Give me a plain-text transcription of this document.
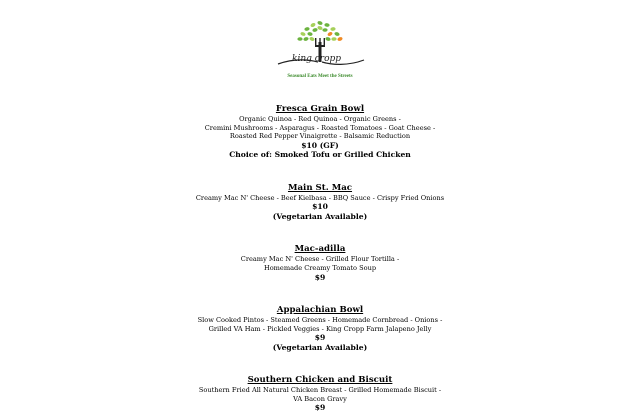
king cropp
Seasonal Eats Meet the Streets
Fresca Grain Bowl
Organic Quinoa - Red Quinoa - Organic Greens -
Cremini Mushrooms - Asparagus - Roasted Tomatoes - Goat Cheese -
Roasted Red Pepper Vinaigrette - Balsamic Reduction
$10 (GF)
Choice of: Smoked Tofu or Grilled Chicken
Main St. Mac
Creamy Mac N' Cheese - Beef Kielbasa - BBQ Sauce - Crispy Fried Onions
$10
(Vegetarian Available)
Mac-adilla
Creamy Mac N' Cheese - Grilled Flour Tortilla -
Homemade Creamy Tomato Soup
$9
Appalachian Bowl
Slow Cooked Pintos - Steamed Greens - Homemade Cornbread - Onions -
Grilled VA Ham - Pickled Veggies - King Cropp Farm Jalapeno Jelly
$9
(Vegetarian Available)
Southern Chicken and Biscuit
Southern Fried All Natural Chicken Breast - Grilled Homemade Biscuit -
VA Bacon Gravy
$9
